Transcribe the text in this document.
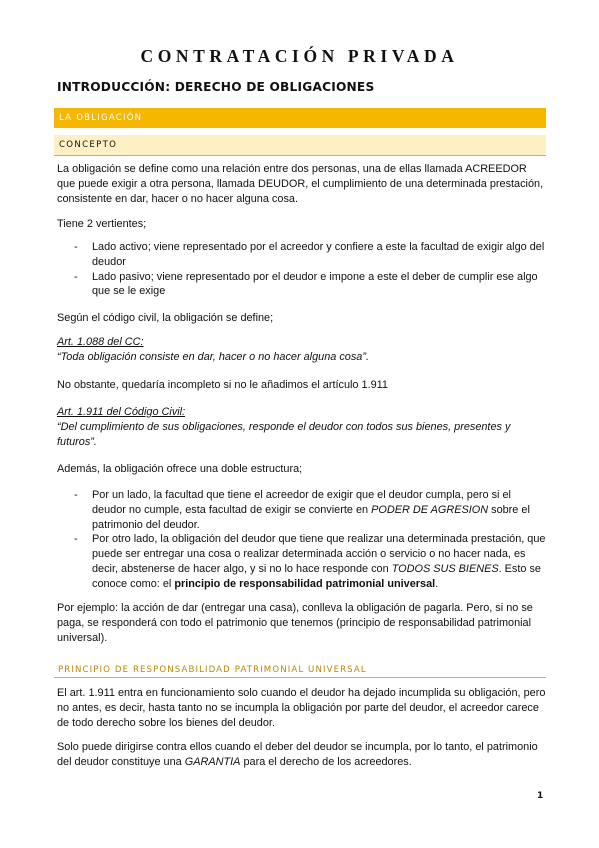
CONTRATACIÓN PRIVADA
INTRODUCCIÓN: DERECHO DE OBLIGACIONES
LA OBLIGACIÓN
CONCEPTO

La obligación se define como una relación entre dos personas, una de ellas llamada ACREEDOR que puede exigir a otra persona, llamada DEUDOR, el cumplimiento de una determinada prestación, consistente en dar, hacer o no hacer alguna cosa.

Tiene 2 vertientes;

- Lado activo; viene representado por el acreedor y confiere a este la facultad de exigir algo del deudor
- Lado pasivo; viene representado por el deudor e impone a este el deber de cumplir ese algo que se le exige

Según el código civil, la obligación se define;

Art. 1.088 del CC:

“Toda obligación consiste en dar, hacer o no hacer alguna cosa”.

No obstante, quedaría incompleto si no le añadimos el artículo 1.911

Art. 1.911 del Código Civil:

“Del cumplimiento de sus obligaciones, responde el deudor con todos sus bienes, presentes y futuros”.

Además, la obligación ofrece una doble estructura;

- Por un lado, la facultad que tiene el acreedor de exigir que el deudor cumpla, pero si el deudor no cumple, esta facultad de exigir se convierte en PODER DE AGRESION sobre el patrimonio del deudor.
- Por otro lado, la obligación del deudor que tiene que realizar una determinada prestación, que puede ser entregar una cosa o realizar determinada acción o servicio o no hacer nada, es decir, abstenerse de hacer algo, y si no lo hace responde con TODOS SUS BIENES. Esto se conoce como: el principio de responsabilidad patrimonial universal.

Por ejemplo: la acción de dar (entregar una casa), conlleva la obligación de pagarla. Pero, si no se paga, se responderá con todo el patrimonio que tenemos (principio de responsabilidad patrimonial universal).

PRINCIPIO DE RESPONSABILIDAD PATRIMONIAL UNIVERSAL

El art. 1.911 entra en funcionamiento solo cuando el deudor ha dejado incumplida su obligación, pero no antes, es decir, hasta tanto no se incumpla la obligación por parte del deudor, el acreedor carece de todo derecho sobre los bienes del deudor.

Solo puede dirigirse contra ellos cuando el deber del deudor se incumpla, por lo tanto, el patrimonio del deudor constituye una GARANTIA para el derecho de los acreedores.

1
